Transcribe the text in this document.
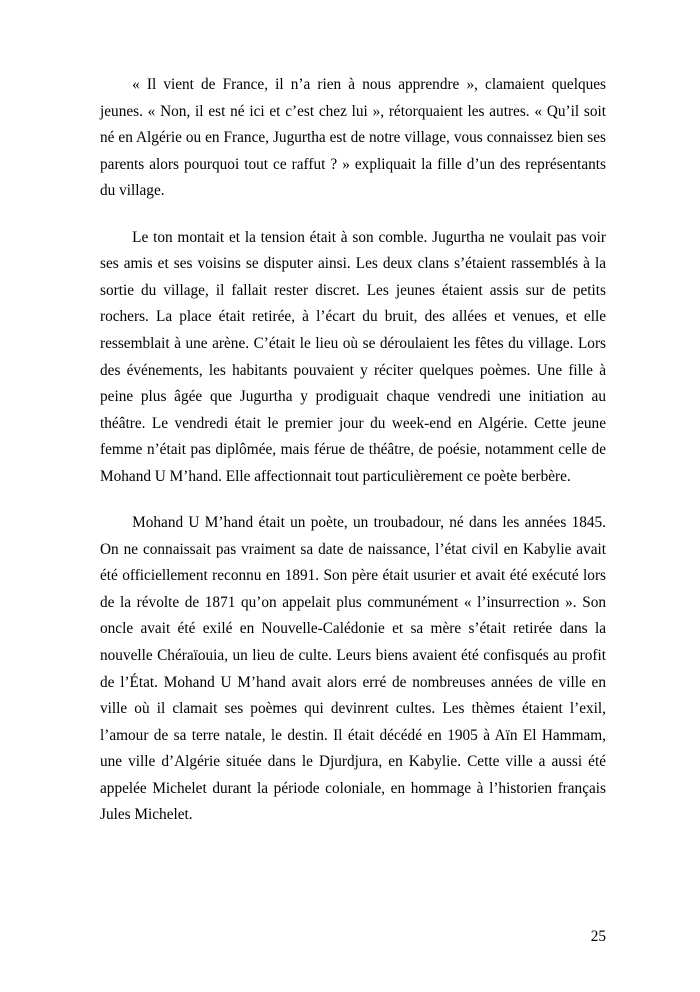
« Il vient de France, il n’a rien à nous apprendre », clamaient quelques jeunes. « Non, il est né ici et c’est chez lui », rétorquaient les autres. « Qu’il soit né en Algérie ou en France, Jugurtha est de notre village, vous connaissez bien ses parents alors pourquoi tout ce raffut ? » expliquait la fille d’un des représentants du village.

Le ton montait et la tension était à son comble. Jugurtha ne voulait pas voir ses amis et ses voisins se disputer ainsi. Les deux clans s’étaient rassemblés à la sortie du village, il fallait rester discret. Les jeunes étaient assis sur de petits rochers. La place était retirée, à l’écart du bruit, des allées et venues, et elle ressemblait à une arène. C’était le lieu où se déroulaient les fêtes du village. Lors des événements, les habitants pouvaient y réciter quelques poèmes. Une fille à peine plus âgée que Jugurtha y prodiguait chaque vendredi une initiation au théâtre. Le vendredi était le premier jour du week-end en Algérie. Cette jeune femme n’était pas diplômée, mais férue de théâtre, de poésie, notamment celle de Mohand U M’hand. Elle affectionnait tout particulièrement ce poète berbère.

Mohand U M’hand était un poète, un troubadour, né dans les années 1845. On ne connaissait pas vraiment sa date de naissance, l’état civil en Kabylie avait été officiellement reconnu en 1891. Son père était usurier et avait été exécuté lors de la révolte de 1871 qu’on appelait plus communément « l’insurrection ». Son oncle avait été exilé en Nouvelle-Calédonie et sa mère s’était retirée dans la nouvelle Chéraïouia, un lieu de culte. Leurs biens avaient été confisqués au profit de l’État. Mohand U M’hand avait alors erré de nombreuses années de ville en ville où il clamait ses poèmes qui devinrent cultes. Les thèmes étaient l’exil, l’amour de sa terre natale, le destin. Il était décédé en 1905 à Aïn El Hammam, une ville d’Algérie située dans le Djurdjura, en Kabylie. Cette ville a aussi été appelée Michelet durant la période coloniale, en hommage à l’historien français Jules Michelet.

25
